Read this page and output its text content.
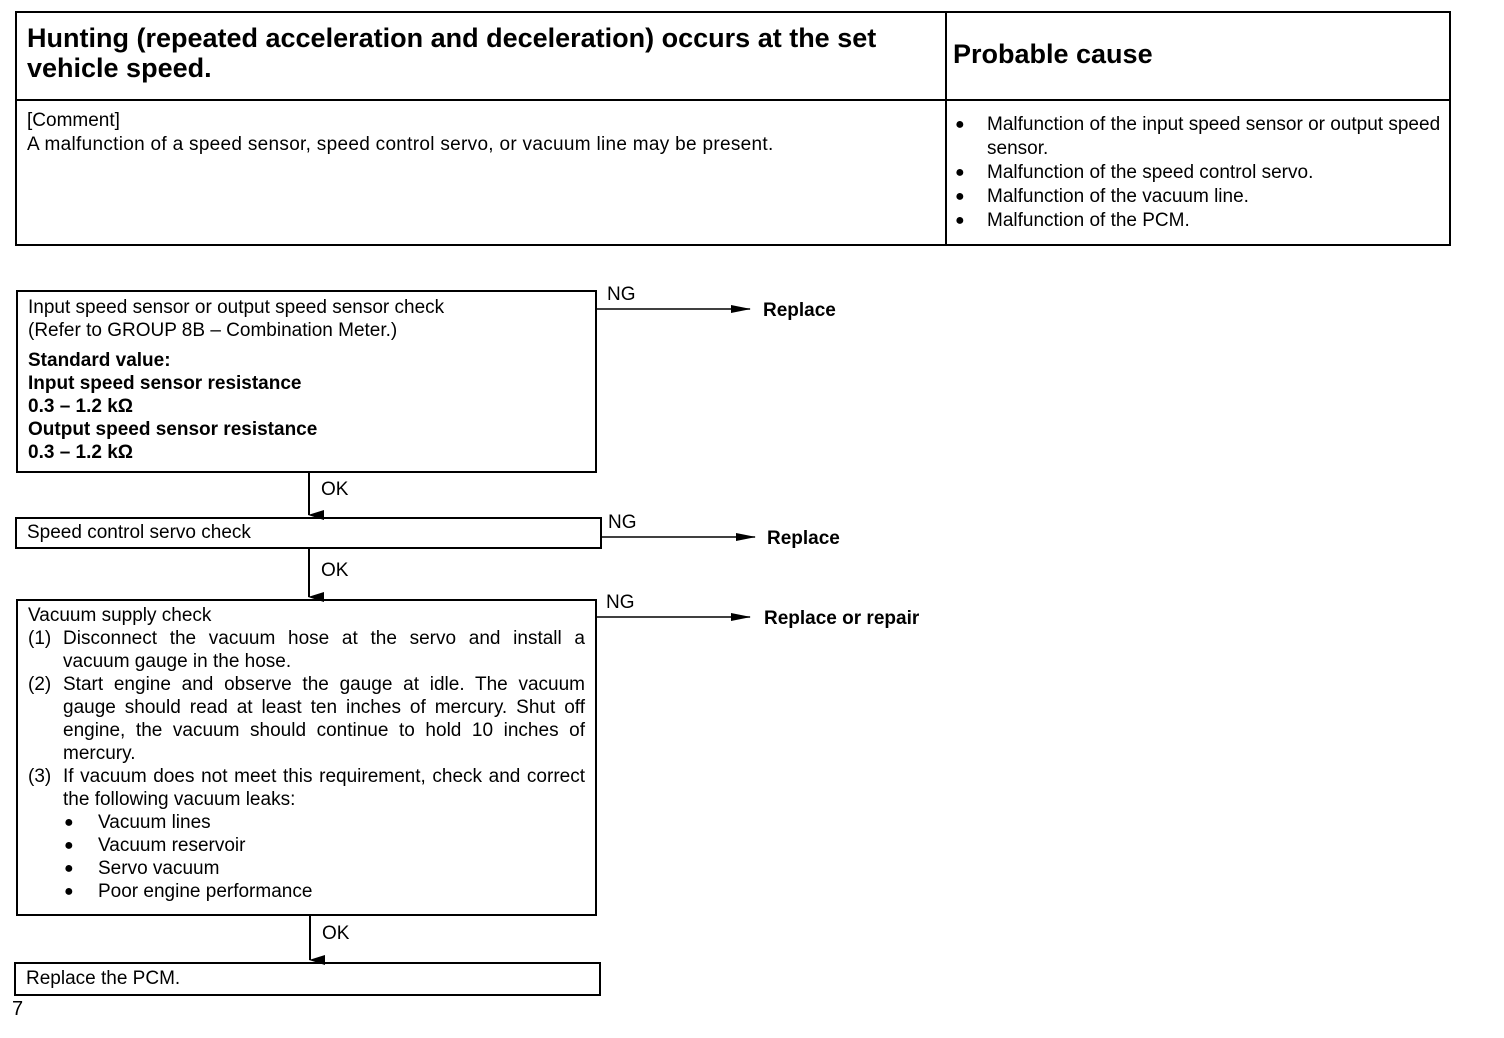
Hunting (repeated acceleration and deceleration) occurs at the set vehicle speed.	Probable cause
[Comment]
A malfunction of a speed sensor, speed control servo, or vacuum line may be present.
● Malfunction of the input speed sensor or output speed sensor.
● Malfunction of the speed control servo.
● Malfunction of the vacuum line.
● Malfunction of the PCM.
Input speed sensor or output speed sensor check
(Refer to GROUP 8B – Combination Meter.)
Standard value:
Input speed sensor resistance
0.3 – 1.2 kΩ
Output speed sensor resistance
0.3 – 1.2 kΩ
NG
Replace
OK
Speed control servo check	NG
Replace
OK
Vacuum supply check
(1) Disconnect the vacuum hose at the servo and install a vacuum gauge in the hose.
(2) Start engine and observe the gauge at idle. The vacuum gauge should read at least ten inches of mercury. Shut off engine, the vacuum should continue to hold 10 inches of mercury.
(3) If vacuum does not meet this requirement, check and correct the following vacuum leaks:
● Vacuum lines
● Vacuum reservoir
● Servo vacuum
● Poor engine performance
NG
Replace or repair
OK
Replace the PCM.
7
